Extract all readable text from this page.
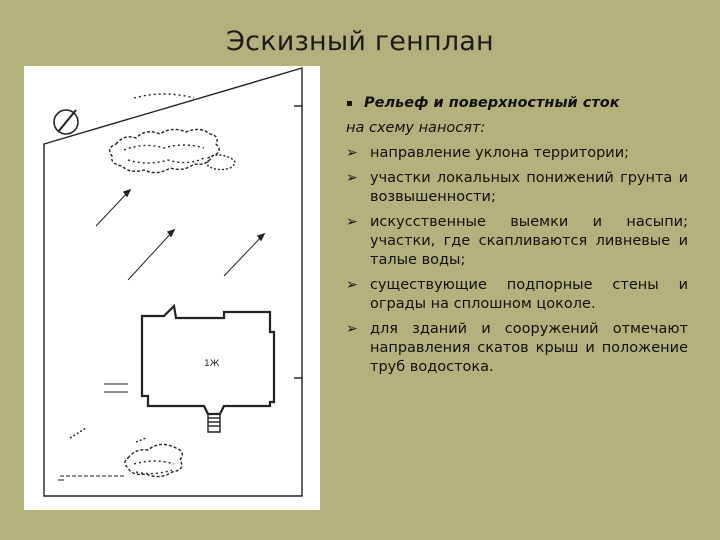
Эскизный генплан
1Ж
▪ Рельеф и поверхностный сток
на схему наносят:
➢ направление уклона территории;
➢ участки локальных понижений грунта и возвышенности;
➢ искусственные выемки и насыпи; участки, где скапливаются ливневые и талые воды;
➢ существующие подпорные стены и ограды на сплошном цоколе.
➢ для зданий и сооружений отмечают направления скатов крыш и положение труб водостока.
